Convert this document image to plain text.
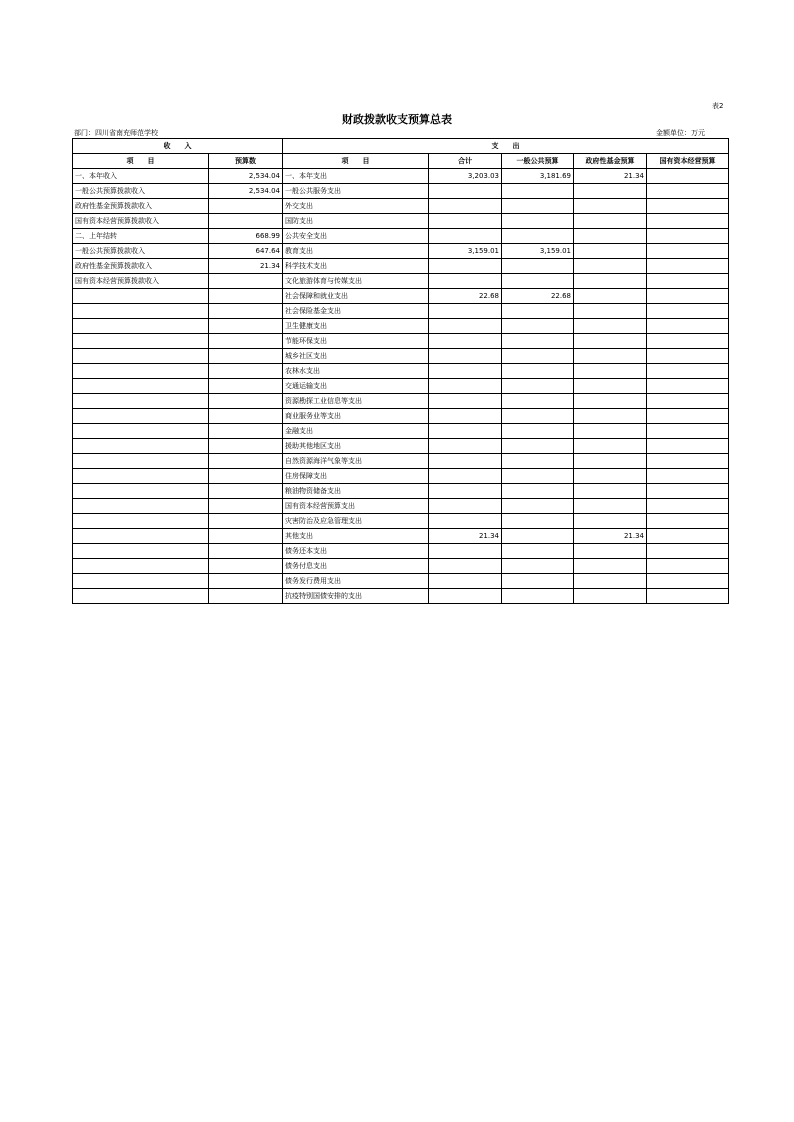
表2
财政拨款收支预算总表
部门：四川省南充师范学校	金额单位：万元
收　　入		支　　出				
项　　目	预算数	项　　目	合计	一般公共预算	政府性基金预算	国有资本经营预算
一、本年收入	2,534.04	一、本年支出	3,203.03	3,181.69	21.34	
一般公共预算拨款收入	2,534.04	一般公共服务支出				
政府性基金预算拨款收入		外交支出				
国有资本经营预算拨款收入		国防支出				
二、上年结转	668.99	公共安全支出				
一般公共预算拨款收入	647.64	教育支出	3,159.01	3,159.01		
政府性基金预算拨款收入	21.34	科学技术支出				
国有资本经营预算拨款收入		文化旅游体育与传媒支出				
		社会保障和就业支出	22.68	22.68		
		社会保险基金支出				
		卫生健康支出				
		节能环保支出				
		城乡社区支出				
		农林水支出				
		交通运输支出				
		资源勘探工业信息等支出				
		商业服务业等支出				
		金融支出				
		援助其他地区支出				
		自然资源海洋气象等支出				
		住房保障支出				
		粮油物资储备支出				
		国有资本经营预算支出				
		灾害防治及应急管理支出				
		其他支出	21.34		21.34	
		债务还本支出				
		债务付息支出				
		债务发行费用支出				
		抗疫特别国债安排的支出				
